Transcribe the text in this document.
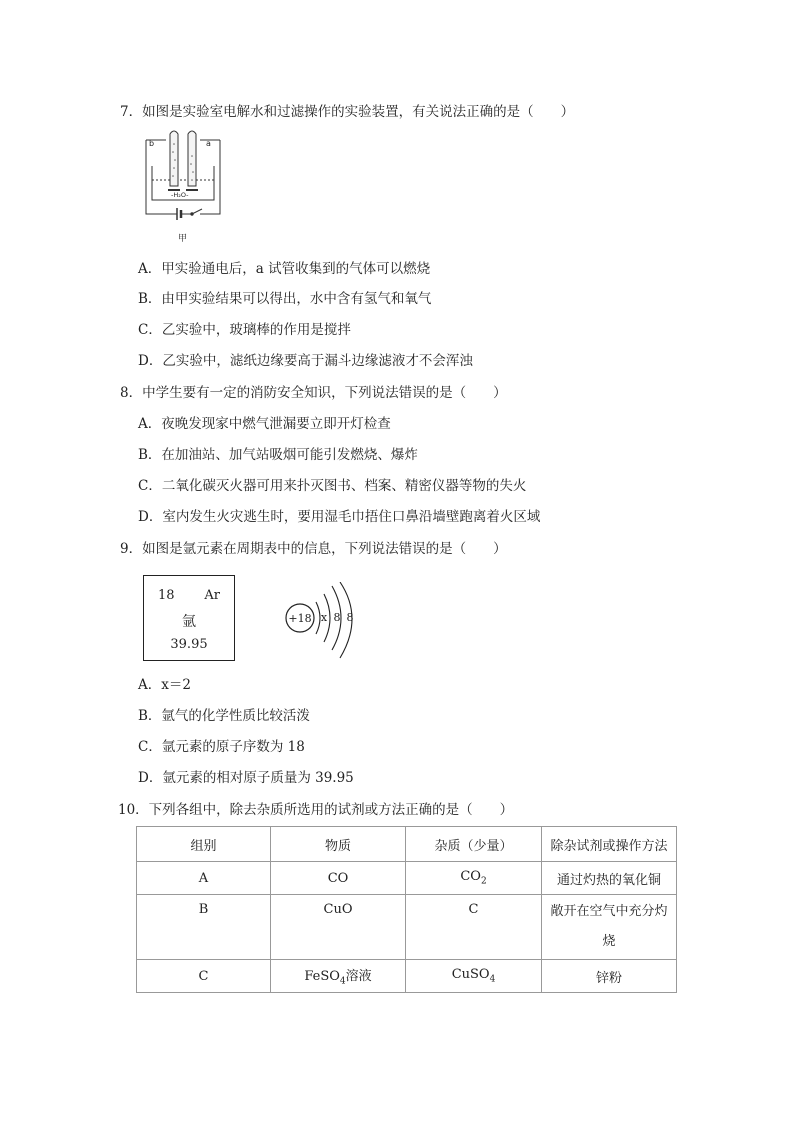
7．如图是实验室电解水和过滤操作的实验装置，有关说法正确的是（　　）
b	a
-H₂O-
甲
A．甲实验通电后，a 试管收集到的气体可以燃烧
B．由甲实验结果可以得出，水中含有氢气和氧气
C．乙实验中，玻璃棒的作用是搅拌
D．乙实验中，滤纸边缘要高于漏斗边缘滤液才不会浑浊
8．中学生要有一定的消防安全知识，下列说法错误的是（　　）
A．夜晚发现家中燃气泄漏要立即开灯检查
B．在加油站、加气站吸烟可能引发燃烧、爆炸
C．二氧化碳灭火器可用来扑灭图书、档案、精密仪器等物的失火
D．室内发生火灾逃生时，要用湿毛巾捂住口鼻沿墙壁跑离着火区域
9．如图是氩元素在周期表中的信息，下列说法错误的是（　　）
18 Ar
氩
39.95
+18 x 8 8
A．x＝2
B．氩气的化学性质比较活泼
C．氩元素的原子序数为 18
D．氩元素的相对原子质量为 39.95
10．下列各组中，除去杂质所选用的试剂或方法正确的是（　　）
组别	物质	杂质（少量）	除杂试剂或操作方法
A	CO	$CO_2$	通过灼热的氧化铜

B	CuO	C	敞开在空气中充分灼烧

C	FeSO$_4$溶液	CuSO$_4$	锌粉
